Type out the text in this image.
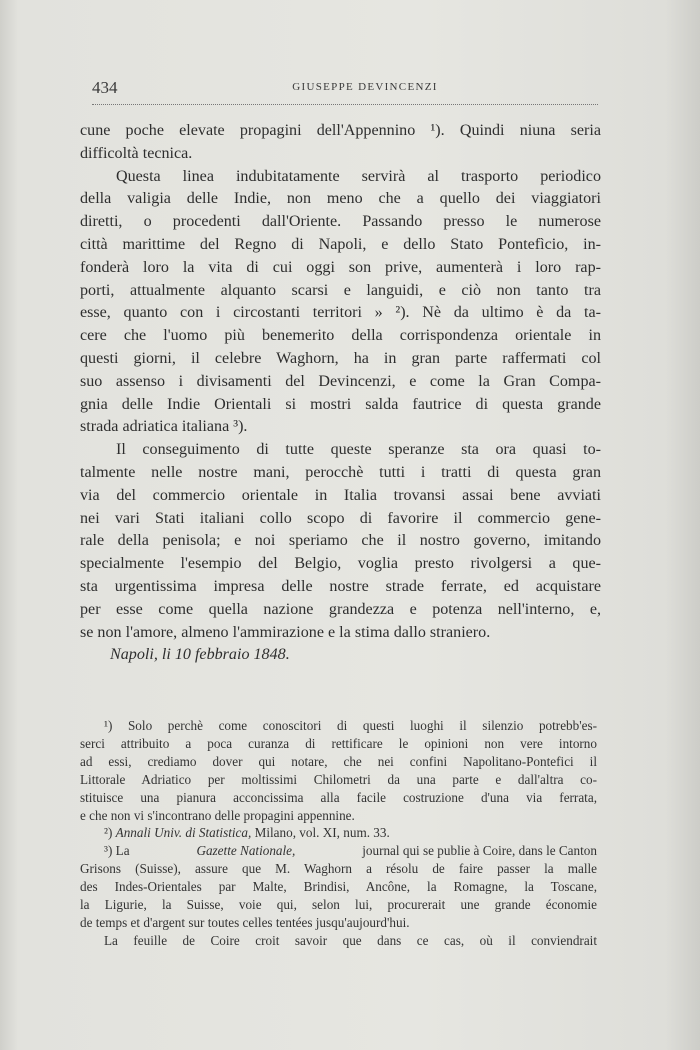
434	GIUSEPPE DEVINCENZI

cune poche elevate propagini dell'Appennino ¹). Quindi niuna seria
difficoltà tecnica.

Questa linea indubitatamente servirà al trasporto periodico
della valigia delle Indie, non meno che a quello dei viaggiatori
diretti, o procedenti dall'Oriente. Passando presso le numerose
città marittime del Regno di Napoli, e dello Stato Pontefìcio, in-
fonderà loro la vita di cui oggi son prive, aumenterà i loro rap-
porti, attualmente alquanto scarsi e languidi, e ciò non tanto tra
esse, quanto con i circostanti territori » ²). Nè da ultimo è da ta-
cere che l'uomo più benemerito della corrispondenza orientale in
questi giorni, il celebre Waghorn, ha in gran parte raffermati col
suo assenso i divisamenti del Devincenzi, e come la Gran Compa-
gnia delle Indie Orientali si mostri salda fautrice di questa grande
strada adriatica italiana ³).

Il conseguimento di tutte queste speranze sta ora quasi to-
talmente nelle nostre mani, perocchè tutti i tratti di questa gran
via del commercio orientale in Italia trovansi assai bene avviati
nei vari Stati italiani collo scopo di favorire il commercio gene-
rale della penisola; e noi speriamo che il nostro governo, imitando
specialmente l'esempio del Belgio, voglia presto rivolgersi a que-
sta urgentissima impresa delle nostre strade ferrate, ed acquistare
per esse come quella nazione grandezza e potenza nell'interno, e,
se non l'amore, almeno l'ammirazione e la stima dallo straniero.

Napoli, li 10 febbraio 1848.

¹) Solo perchè come conoscitori di questi luoghi il silenzio potrebb'es-
serci attribuito a poca curanza di rettificare le opinioni non vere intorno
ad essi, crediamo dover qui notare, che nei confini Napolitano-Pontefici il
Littorale Adriatico per moltissimi Chilometri da una parte e dall'altra co-
stituisce una pianura acconcissima alla facile costruzione d'una via ferrata,
e che non vi s'incontrano delle propagini appennine.
²) Annali Univ. di Statistica, Milano, vol. XI, num. 33.
³) La	Gazette Nationale,	journal qui se publie à Coire, dans le Canton
Grisons (Suisse), assure que M. Waghorn a résolu de faire passer la malle
des Indes-Orientales par Malte, Brindisi, Ancône, la Romagne, la Toscane,
la Ligurie, la Suisse, voie qui, selon lui, procurerait une grande économie
de temps et d'argent sur toutes celles tentées jusqu'aujourd'hui.
La feuille de Coire croit savoir que dans ce cas, où il conviendrait
